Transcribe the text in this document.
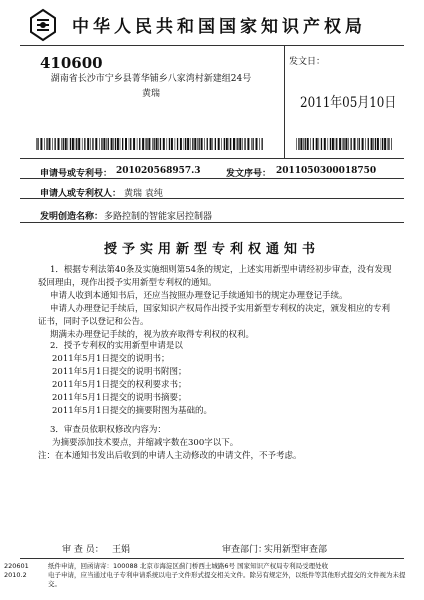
中华人民共和国国家知识产权局
410600
湖南省长沙市宁乡县菁华铺乡八家湾村新建组24号
黄瑞
发文日：
2011年05月10日
申请号或专利号： 201020568957.3	发文序号： 2011050300018750
申请人或专利权人： 黄瑞 袁纯
发明创造名称： 多路控制的智能家居控制器
授予实用新型专利权通知书

1．根据专利法第40条及实施细则第54条的规定，上述实用新型申请经初步审查，没有发现驳回理由，现作出授予实用新型专利权的通知。

申请人收到本通知书后，还应当按照办理登记手续通知书的规定办理登记手续。

申请人办理登记手续后，国家知识产权局作出授予实用新型专利权的决定，颁发相应的专利证书，同时予以登记和公告。

期满未办理登记手续的，视为放弃取得专利权的权利。

2．授予专利权的实用新型申请是以

2011年5月1日提交的说明书；

2011年5月1日提交的说明书附图；

2011年5月1日提交的权利要求书；

2011年5月1日提交的说明书摘要；

2011年5月1日提交的摘要附图为基础的。

3．审查员依职权修改内容为：

为摘要添加技术要点，并缩减字数在300字以下。

注：在本通知书发出后收到的申请人主动修改的申请文件，不予考虑。

审 查 员： 王娟	审查部门：
实用新型审查部
220601
2010.2
纸件申请，回函请寄：100088 北京市海淀区蓟门桥西土城路6号 国家知识产权局专利局受理处收
电子申请，应当通过电子专利申请系统以电子文件形式提交相关文件。除另有规定外，以纸件等其他形式提交的文件视为未提交。
